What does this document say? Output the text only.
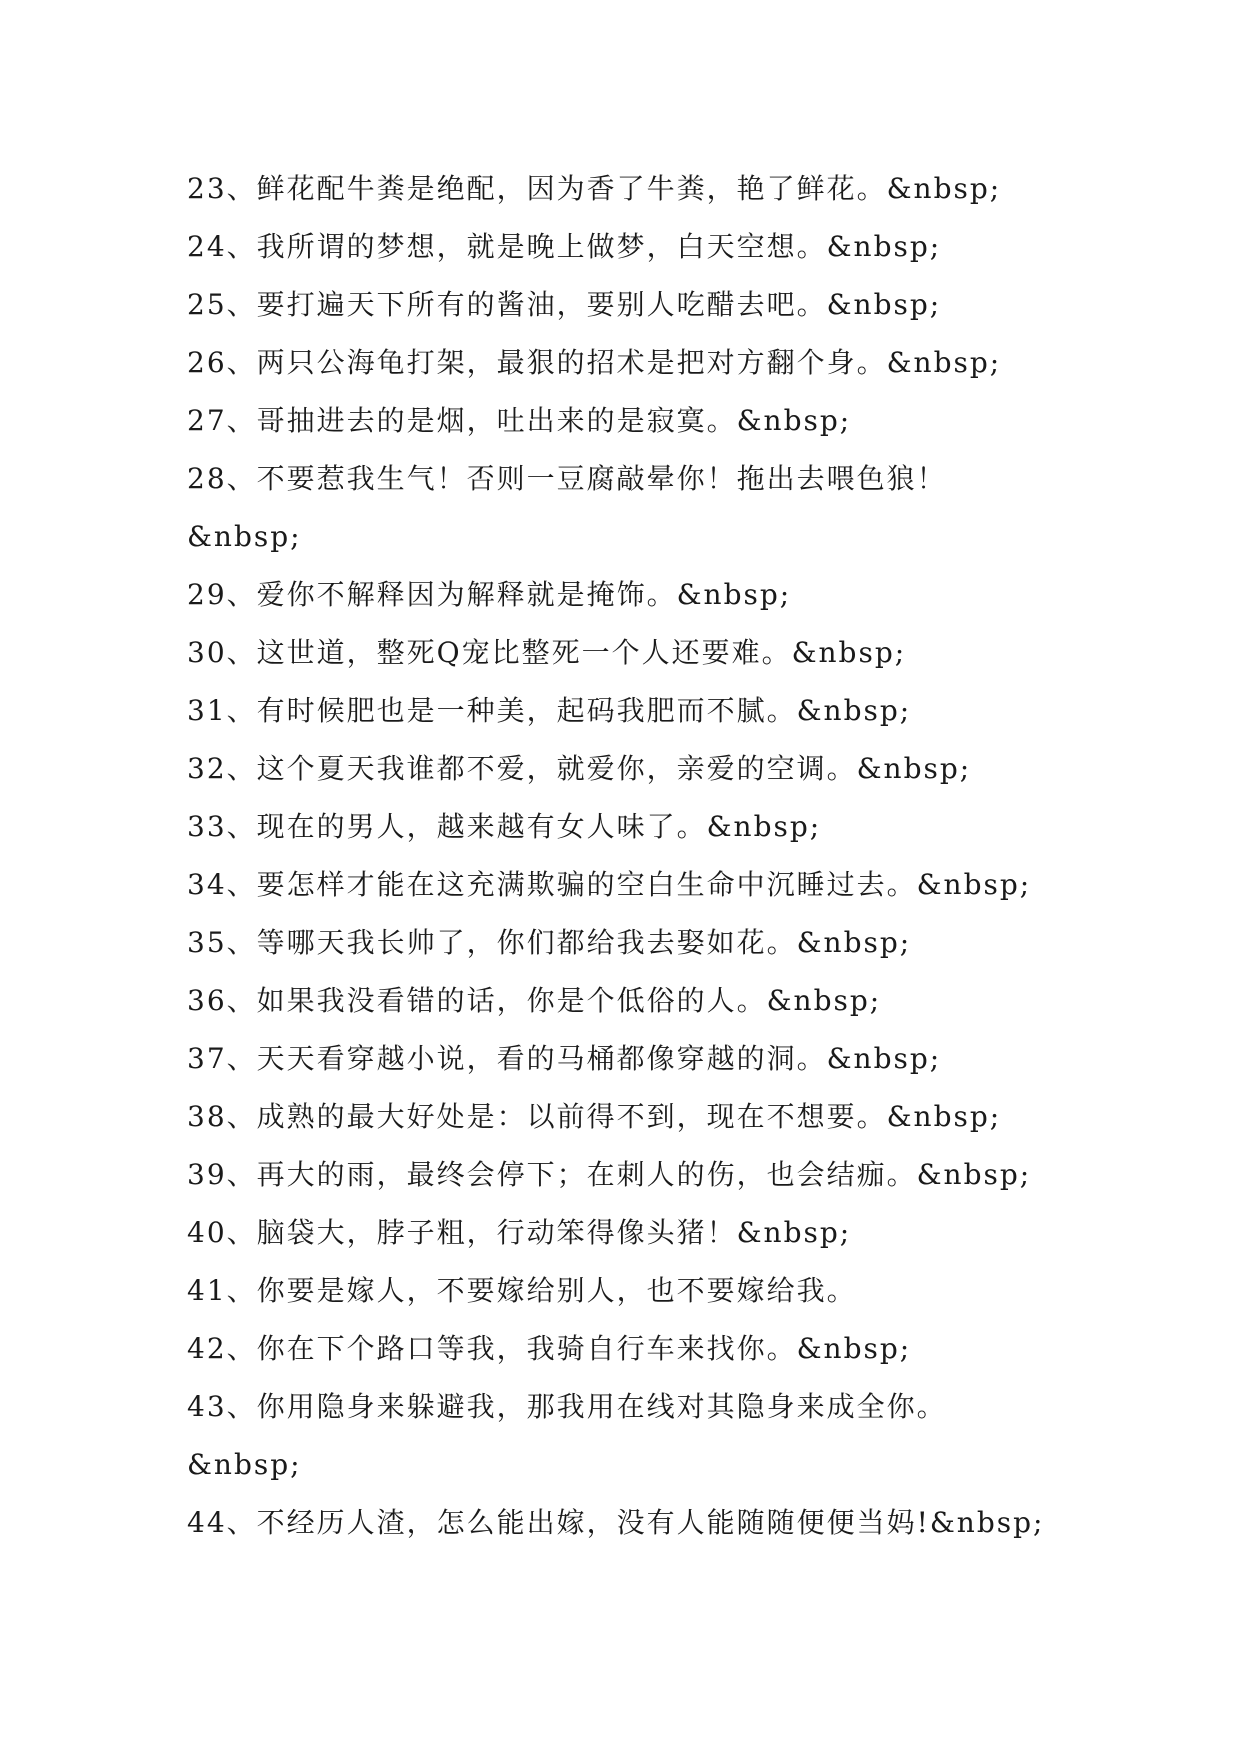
23、鲜花配牛粪是绝配，因为香了牛粪，艳了鲜花。&nbsp;
24、我所谓的梦想，就是晚上做梦，白天空想。&nbsp;
25、要打遍天下所有的酱油，要别人吃醋去吧。&nbsp;
26、两只公海龟打架，最狠的招术是把对方翻个身。&nbsp;
27、哥抽进去的是烟，吐出来的是寂寞。&nbsp;
28、不要惹我生气！否则一豆腐敲晕你！拖出去喂色狼！
&nbsp;
29、爱你不解释因为解释就是掩饰。&nbsp;
30、这世道，整死Q宠比整死一个人还要难。&nbsp;
31、有时候肥也是一种美，起码我肥而不腻。&nbsp;
32、这个夏天我谁都不爱，就爱你，亲爱的空调。&nbsp;
33、现在的男人，越来越有女人味了。&nbsp;
34、要怎样才能在这充满欺骗的空白生命中沉睡过去。&nbsp;
35、等哪天我长帅了，你们都给我去娶如花。&nbsp;
36、如果我没看错的话，你是个低俗的人。&nbsp;
37、天天看穿越小说，看的马桶都像穿越的洞。&nbsp;
38、成熟的最大好处是：以前得不到，现在不想要。&nbsp;
39、再大的雨，最终会停下；在刺人的伤，也会结痂。&nbsp;
40、脑袋大，脖子粗，行动笨得像头猪！&nbsp;
41、你要是嫁人，不要嫁给别人，也不要嫁给我。
42、你在下个路口等我，我骑自行车来找你。&nbsp;
43、你用隐身来躲避我，那我用在线对其隐身来成全你。
&nbsp;
44、不经历人渣，怎么能出嫁，没有人能随随便便当妈!&nbsp;
